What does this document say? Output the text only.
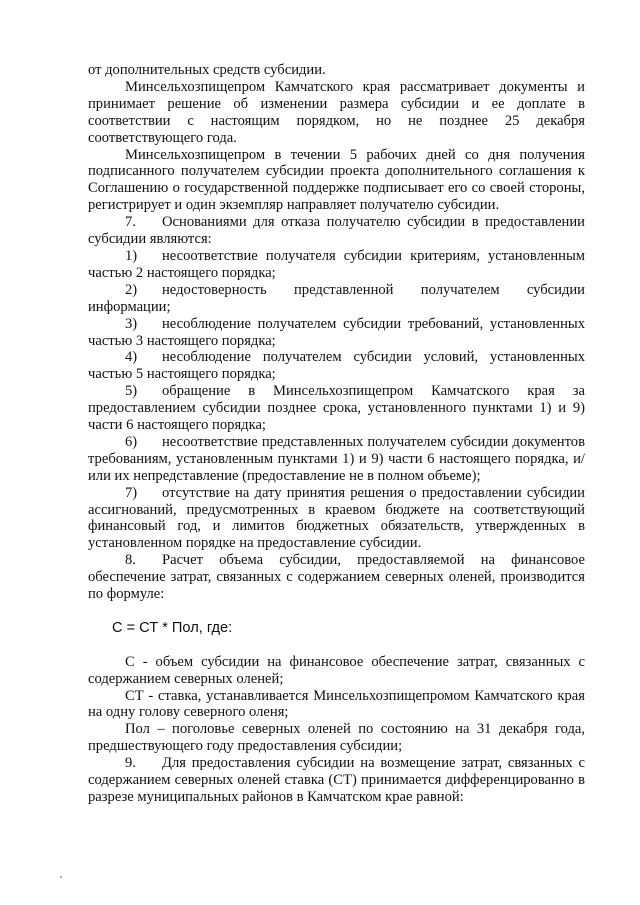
от дополнительных средств субсидии.

Минсельхозпищепром Камчатского края рассматривает документы и принимает решение об изменении размера субсидии и ее доплате в соответствии с настоящим порядком, но не позднее 25 декабря соответствующего года.

Минсельхозпищепром в течении 5 рабочих дней со дня получения подписанного получателем субсидии проекта дополнительного соглашения к Соглашению о государственной поддержке подписывает его со своей стороны, регистрирует и один экземпляр направляет получателю субсидии.

7. Основаниями для отказа получателю субсидии в предоставлении субсидии являются:

1) несоответствие получателя субсидии критериям, установленным частью 2 настоящего порядка;

2) недостоверность представленной получателем субсидии информации;

3) несоблюдение получателем субсидии требований, установленных частью 3 настоящего порядка;

4) несоблюдение получателем субсидии условий, установленных частью 5 настоящего порядка;

5) обращение в Минсельхозпищепром Камчатского края за предоставлением субсидии позднее срока, установленного пунктами 1) и 9) части 6 настоящего порядка;

6) несоответствие представленных получателем субсидии документов требованиям, установленным пунктами 1) и 9) части 6 настоящего порядка, и/или их непредставление (предоставление не в полном объеме);

7) отсутствие на дату принятия решения о предоставлении субсидии ассигнований, предусмотренных в краевом бюджете на соответствующий финансовый год, и лимитов бюджетных обязательств, утвержденных в установленном порядке на предоставление субсидии.

8. Расчет объема субсидии, предоставляемой на финансовое обеспечение затрат, связанных с содержанием северных оленей, производится по формуле:

С = СТ * Пол, где:

С - объем субсидии на финансовое обеспечение затрат, связанных с содержанием северных оленей;

СТ - ставка, устанавливается Минсельхозпищепромом Камчатского края на одну голову северного оленя;

Пол – поголовье северных оленей по состоянию на 31 декабря года, предшествующего году предоставления субсидии;

9. Для предоставления субсидии на возмещение затрат, связанных с содержанием северных оленей ставка (СТ) принимается дифференцированно в разрезе муниципальных районов в Камчатском крае равной:
